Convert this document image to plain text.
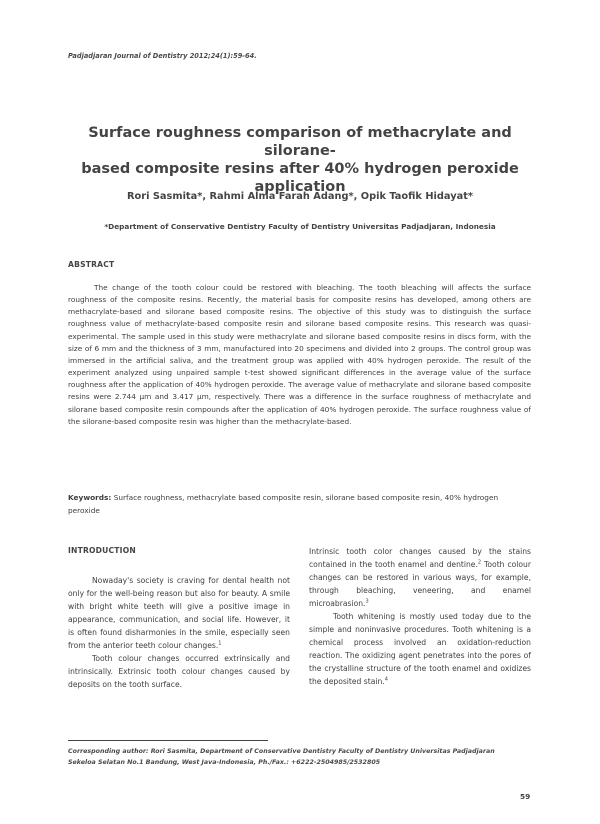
Padjadjaran Journal of Dentistry 2012;24(1):59-64.
Surface roughness comparison of methacrylate and silorane-
based composite resins after 40% hydrogen peroxide
application
Rori Sasmita*, Rahmi Alma Farah Adang*, Opik Taofik Hidayat*
*Department of Conservative Dentistry Faculty of Dentistry Universitas Padjadjaran, Indonesia
ABSTRACT

The change of the tooth colour could be restored with bleaching. The tooth bleaching will affects the surface roughness of the composite resins. Recently, the material basis for composite resins has developed, among others are methacrylate-based and silorane based composite resins. The objective of this study was to distinguish the surface roughness value of methacrylate-based composite resin and silorane based composite resins. This research was quasi-experimental. The sample used in this study were methacrylate and silorane based composite resins in discs form, with the size of 6 mm and the thickness of 3 mm, manufactured into 20 specimens and divided into 2 groups. The control group was immersed in the artificial saliva, and the treatment group was applied with 40% hydrogen peroxide. The result of the experiment analyzed using unpaired sample t-test showed significant differences in the average value of the surface roughness after the application of 40% hydrogen peroxide. The average value of methacrylate and silorane based composite resins were 2.744 μm and 3.417 μm, respectively. There was a difference in the surface roughness of methacrylate and silorane based composite resin compounds after the application of 40% hydrogen peroxide. The surface roughness value of the silorane-based composite resin was higher than the methacrylate-based.

Keywords: Surface roughness, methacrylate based composite resin, silorane based composite resin, 40% hydrogen peroxide

INTRODUCTION

Nowaday's society is craving for dental health not only for the well-being reason but also for beauty. A smile with bright white teeth will give a positive image in appearance, communication, and social life. However, it is often found disharmonies in the smile, especially seen from the anterior teeth colour changes.$^1$

Tooth colour changes occurred extrinsically and intrinsically. Extrinsic tooth colour changes caused by deposits on the tooth surface.

Intrinsic tooth color changes caused by the stains contained in the tooth enamel and dentine.$^2$ Tooth colour changes can be restored in various ways, for example, through bleaching, veneering, and enamel microabrasion.$^3$

Tooth whitening is mostly used today due to the simple and noninvasive procedures. Tooth whitening is a chemical process involved an oxidation-reduction reaction. The oxidizing agent penetrates into the pores of the crystalline structure of the tooth enamel and oxidizes the deposited stain.$^4$

Corresponding author: Rori Sasmita, Department of Conservative Dentistry Faculty of Dentistry Universitas Padjadjaran
Sekeloa Selatan No.1 Bandung, West Java-Indonesia, Ph./Fax.: +6222-2504985/2532805

59
